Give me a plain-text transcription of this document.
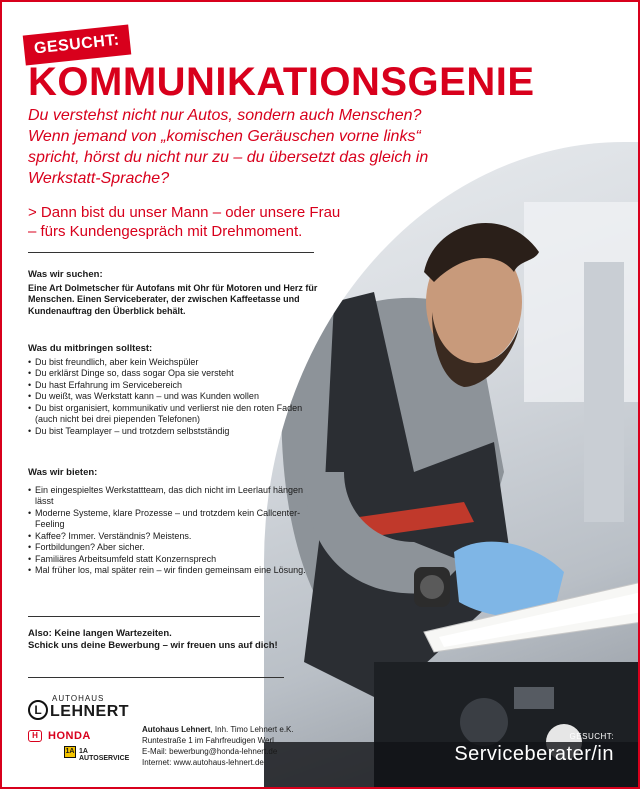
GESUCHT:
KOMMUNIKATIONSGENIE

Du verstehst nicht nur Autos, sondern auch Menschen? Wenn jemand von „komischen Geräuschen vorne links“ spricht, hörst du nicht nur zu – du übersetzt das gleich in Werkstatt-Sprache?

> Dann bist du unser Mann – oder unsere Frau
– fürs Kundengespräch mit Drehmoment.
Was wir suchen:

Eine Art Dolmetscher für Autofans mit Ohr für Motoren und Herz für Menschen. Einen Serviceberater, der zwischen Kaffeetasse und Kundenauftrag den Überblick behält.

Was du mitbringen solltest:
• Du bist freundlich, aber kein Weichspüler
• Du erklärst Dinge so, dass sogar Opa sie versteht
• Du hast Erfahrung im Servicebereich
• Du weißt, was Werkstatt kann – und was Kunden wollen
• Du bist organisiert, kommunikativ und verlierst nie den roten Faden (auch nicht bei drei piependen Telefonen)
• Du bist Teamplayer – und trotzdem selbstständig
Was wir bieten:
• Ein eingespieltes Werkstattteam, das dich nicht im Leerlauf hängen lässt
• Moderne Systeme, klare Prozesse – und trotzdem kein Callcenter-Feeling
• Kaffee? Immer. Verständnis? Meistens.
• Fortbildungen? Aber sicher.
• Familiäres Arbeitsumfeld statt Konzernsprech
• Mal früher los, mal später rein – wir finden gemeinsam eine Lösung.
Also: Keine langen Wartezeiten.
Schick uns deine Bewerbung – wir freuen uns auf dich!
L
AUTOHAUS
LEHNERT
H HONDA
1A 1A AUTOSERVICE
Autohaus Lehnert, Inh. Timo Lehnert e.K.
Runtestraße 1 im Fahrfreudigen Werl
E-Mail: bewerbung@honda-lehnert.de
Internet: www.autohaus-lehnert.de
GESUCHT:
Serviceberater/in
